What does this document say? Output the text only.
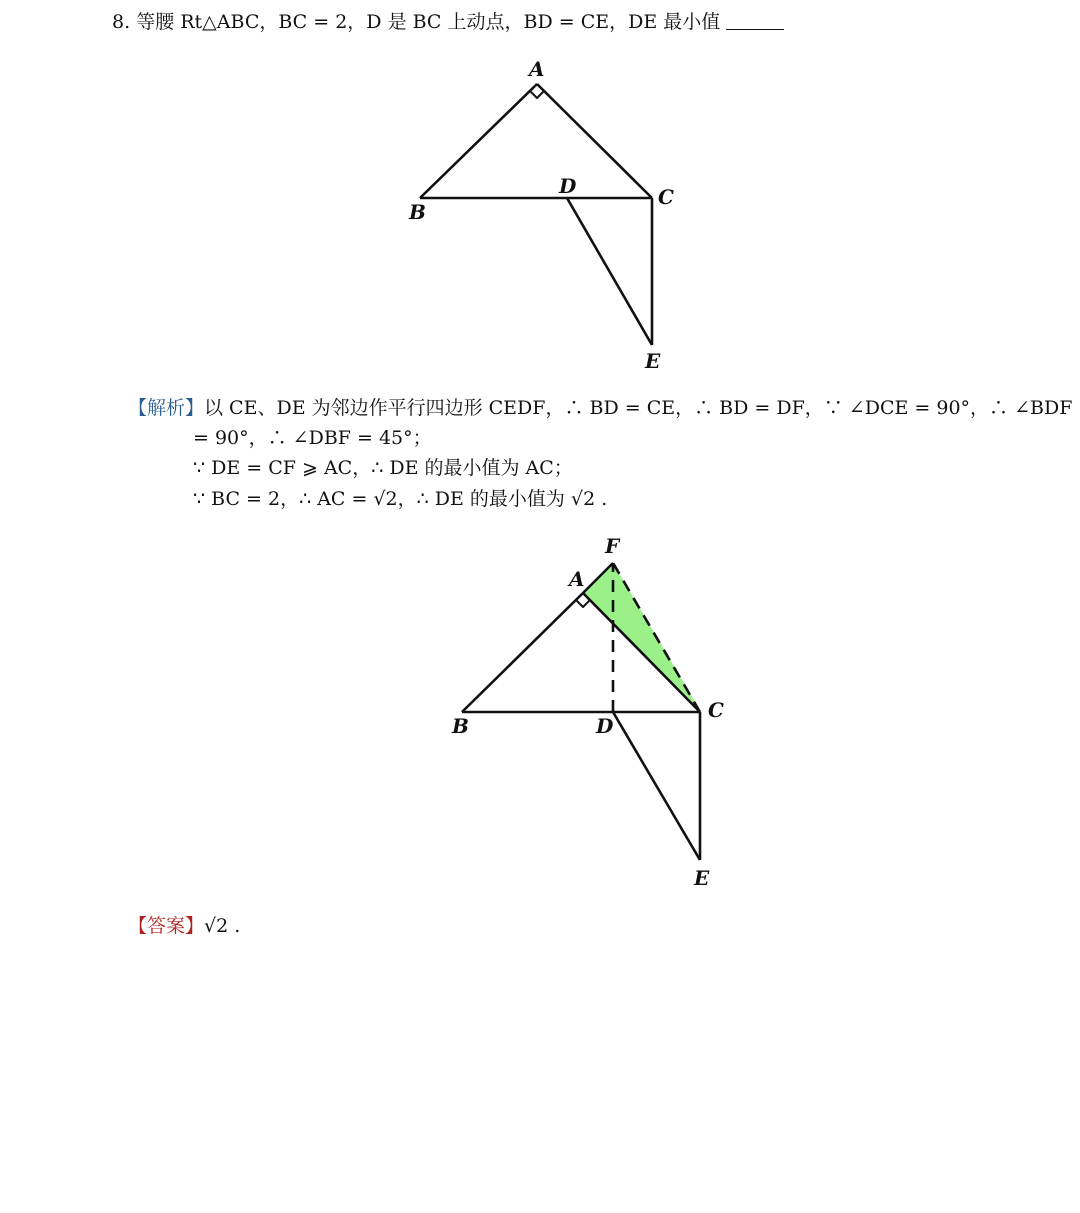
8. 等腰 Rt△ABC，BC = 2，D 是 BC 上动点，BD = CE，DE 最小值
A
B
C
D
E
【解析】以 CE、DE 为邻边作平行四边形 CEDF，∴ BD = CE，∴ BD = DF，∵ ∠DCE = 90°，∴ ∠BDF
= 90°，∴ ∠DBF = 45°；
∵ DE = CF ⩾ AC，∴ DE 的最小值为 AC；
∵ BC = 2，∴ AC = √2，∴ DE 的最小值为 √2 .
F
A
B
C
D
E
【答案】√2 .
